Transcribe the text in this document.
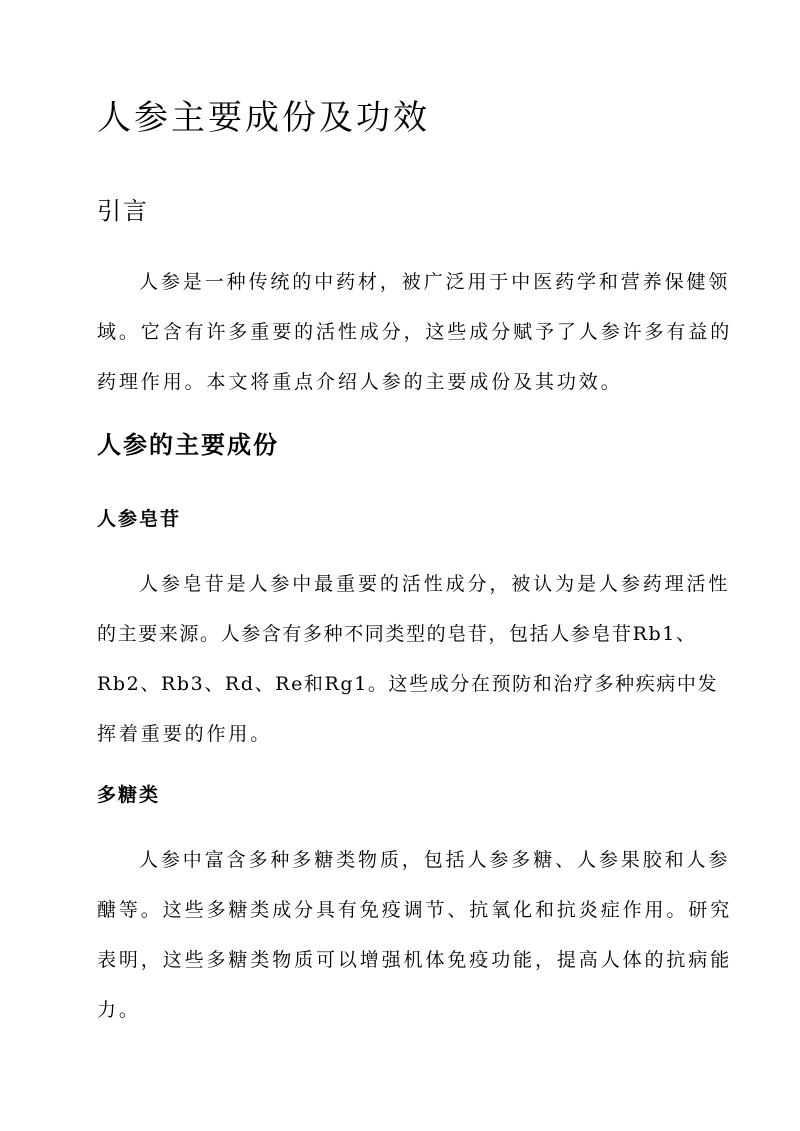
人参主要成份及功效
引言
人参是一种传统的中药材，被广泛用于中医药学和营养保健领
域。它含有许多重要的活性成分，这些成分赋予了人参许多有益的
药理作用。本文将重点介绍人参的主要成份及其功效。
人参的主要成份
人参皂苷
人参皂苷是人参中最重要的活性成分，被认为是人参药理活性
的主要来源。人参含有多种不同类型的皂苷，包括人参皂苷Rb1、
Rb2、Rb3、Rd、Re和Rg1。这些成分在预防和治疗多种疾病中发
挥着重要的作用。
多糖类
人参中富含多种多糖类物质，包括人参多糖、人参果胶和人参
醣等。这些多糖类成分具有免疫调节、抗氧化和抗炎症作用。研究
表明，这些多糖类物质可以增强机体免疫功能，提高人体的抗病能
力。
